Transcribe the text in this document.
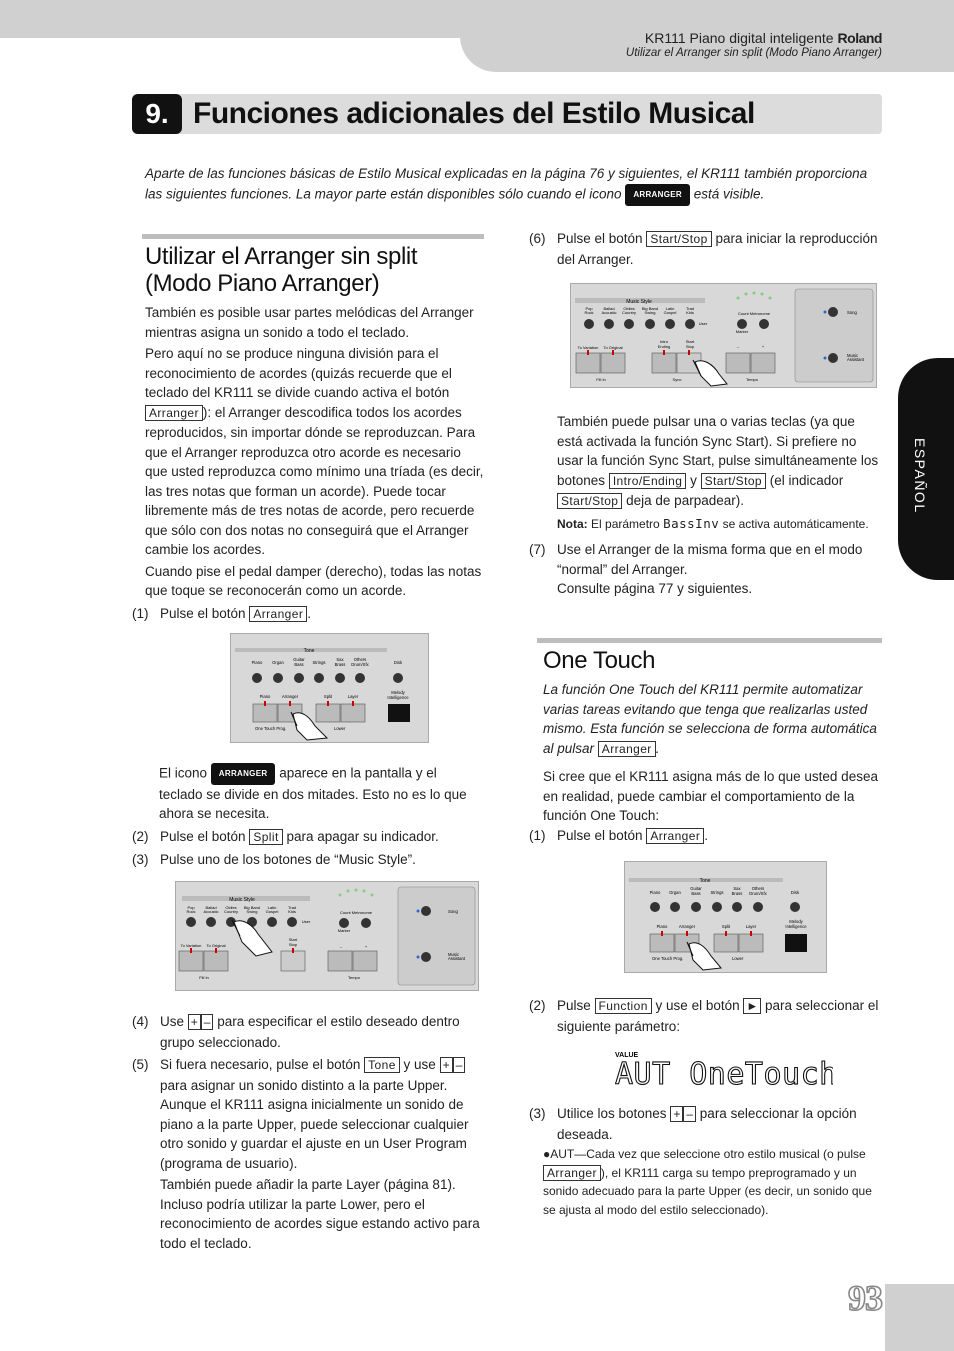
KR111 Piano digital inteligente Roland
Utilizar el Arranger sin split (Modo Piano Arranger)
9. Funciones adicionales del Estilo Musical
Aparte de las funciones básicas de Estilo Musical explicadas en la página 76 y siguientes, el KR111 también proporciona las siguientes funciones. La mayor parte están disponibles sólo cuando el icono ARRANGER está visible.
Utilizar el Arranger sin split (Modo Piano Arranger)

También es posible usar partes melódicas del Arranger mientras asigna un sonido a todo el teclado.

Pero aquí no se produce ninguna división para el reconocimiento de acordes (quizás recuerde que el teclado del KR111 se divide cuando activa el botón Arranger ): el Arranger descodifica todos los acordes reproducidos, sin importar dónde se reproduzcan. Para que el Arranger reproduzca otro acorde es necesario que usted reproduzca como mínimo una tríada (es decir, las tres notas que forman un acorde). Puede tocar libremente más de tres notas de acorde, pero recuerde que sólo con dos notas no conseguirá que el Arranger cambie los acordes.

Cuando pise el pedal damper (derecho), todas las notas que toque se reconocerán como un acorde.

(1) Pulse el botón Arranger .
Tone
Piano Organ
Guitar
Bass Strings
Sax
Brass
Others
Drum/Sfx	Disk
Piano	Arranger	Split	Layer
Melody
Intelligence
One Touch Prog.	Lower

El icono ARRANGER aparece en la pantalla y el teclado se divide en dos mitades. Esto no es lo que ahora se necesita.

(2) Pulse el botón Split para apagar su indicador.
(3) Pulse uno de los botones de “Music Style”.
Music Style
Pop
Rock
Ballad
Acoustic
Oldies
Country
Big Band
Swing
Latin
Gospel
Trad
Kids
User
Count Metronome
Marker
To Variation To Original
Start
Stop	–	+
Fill In	Tempo
Song
Music
Assistant
(4) Use + – para especificar el estilo deseado dentro grupo seleccionado.
(5) Si fuera necesario, pulse el botón Tone y use + – para asignar un sonido distinto a la parte Upper.

Aunque el KR111 asigna inicialmente un sonido de piano a la parte Upper, puede seleccionar cualquier otro sonido y guardar el ajuste en un User Program (programa de usuario).

También puede añadir la parte Layer (página 81). Incluso podría utilizar la parte Lower, pero el reconocimiento de acordes sigue estando activo para todo el teclado.

(6) Pulse el botón Start/Stop para iniciar la reproducción del Arranger.
Music Style
Pop
Rock
Ballad
Acoustic
Oldies
Country
Big Band
Swing
Latin
Gospel
Trad
Kids
User
Count Metronome
Marker
To Variation To Original
Intro
Ending
Start
Stop	–	+
Fill In	Sync	Tempo
Song
Music
Assistant

También puede pulsar una o varias teclas (ya que está activada la función Sync Start). Si prefiere no usar la función Sync Start, pulse simultáneamente los botones Intro/Ending y Start/Stop (el indicador Start/Stop deja de parpadear).

Nota: El parámetro BassInv se activa automáticamente.

(7) Use el Arranger de la misma forma que en el modo “normal” del Arranger.
Consulte página 77 y siguientes.
One Touch

La función One Touch del KR111 permite automatizar varias tareas evitando que tenga que realizarlas usted mismo. Esta función se selecciona de forma automática al pulsar Arranger .

Si cree que el KR111 asigna más de lo que usted desea en realidad, puede cambiar el comportamiento de la función One Touch:

(1) Pulse el botón Arranger .
Tone
Piano Organ
Guitar
Bass Strings
Sax
Brass
Others
Drum/Sfx	Disk
Piano	Arranger	Split	Layer
Melody
Intelligence
One Touch Prog.	Lower
(2) Pulse Function y use el botón ► para seleccionar el siguiente parámetro:
VALUE
AUT OneTouch
(3) Utilice los botones + – para seleccionar la opción deseada.

●AUT—Cada vez que seleccione otro estilo musical (o pulse Arranger ), el KR111 carga su tempo preprogramado y un sonido adecuado para la parte Upper (es decir, un sonido que se ajusta al modo del estilo seleccionado).

ESPAÑOL
93
